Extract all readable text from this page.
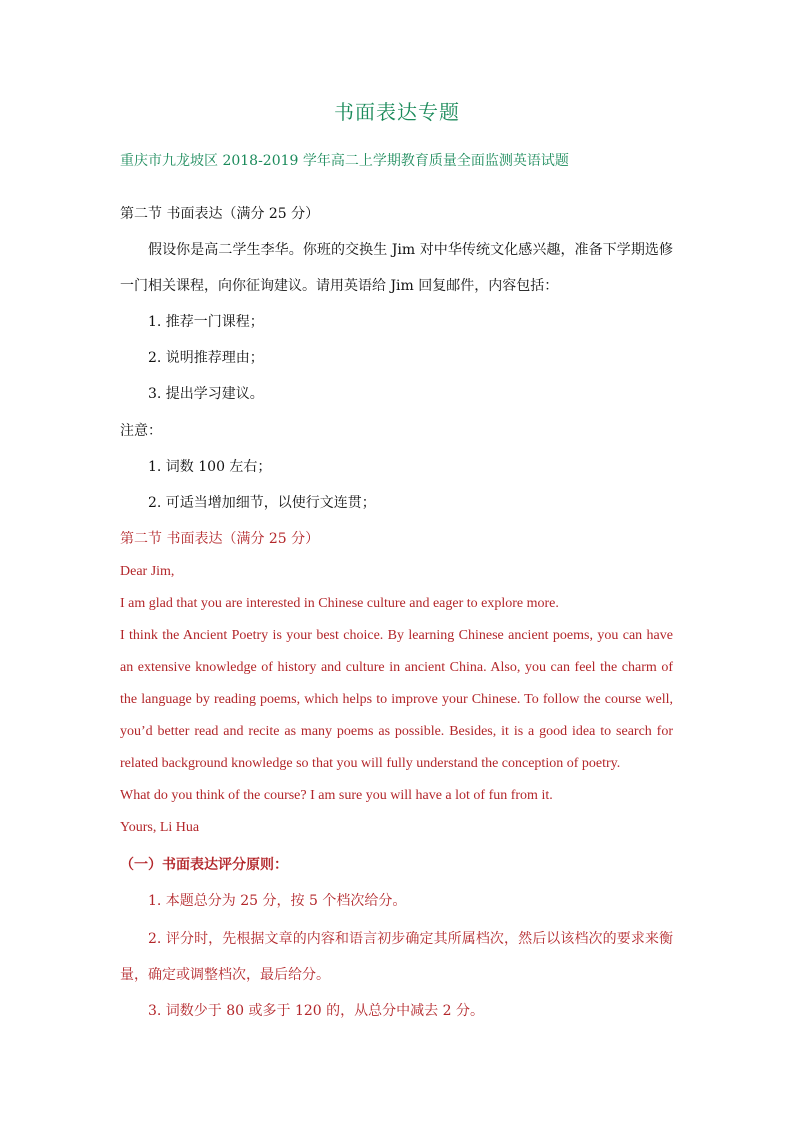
书面表达专题
重庆市九龙坡区 2018-2019 学年高二上学期教育质量全面监测英语试题
第二节 书面表达（满分 25 分）
假设你是高二学生李华。你班的交换生 Jim 对中华传统文化感兴趣，准备下学期选修
一门相关课程，向你征询建议。请用英语给 Jim 回复邮件，内容包括：
1. 推荐一门课程；
2. 说明推荐理由；
3. 提出学习建议。
注意：
1. 词数 100 左右；
2. 可适当增加细节，以使行文连贯；
第二节 书面表达（满分 25 分）
Dear Jim,
I am glad that you are interested in Chinese culture and eager to explore more.
I think the Ancient Poetry is your best choice. By learning Chinese ancient poems, you can have
an extensive knowledge of history and culture in ancient China. Also, you can feel the charm of
the language by reading poems, which helps to improve your Chinese. To follow the course well,
you’d better read and recite as many poems as possible. Besides, it is a good idea to search for
related background knowledge so that you will fully understand the conception of poetry.
What do you think of the course? I am sure you will have a lot of fun from it.
Yours, Li Hua
（一）书面表达评分原则：
1. 本题总分为 25 分，按 5 个档次给分。
2. 评分时，先根据文章的内容和语言初步确定其所属档次，然后以该档次的要求来衡
量，确定或调整档次，最后给分。
3. 词数少于 80 或多于 120 的，从总分中减去 2 分。
